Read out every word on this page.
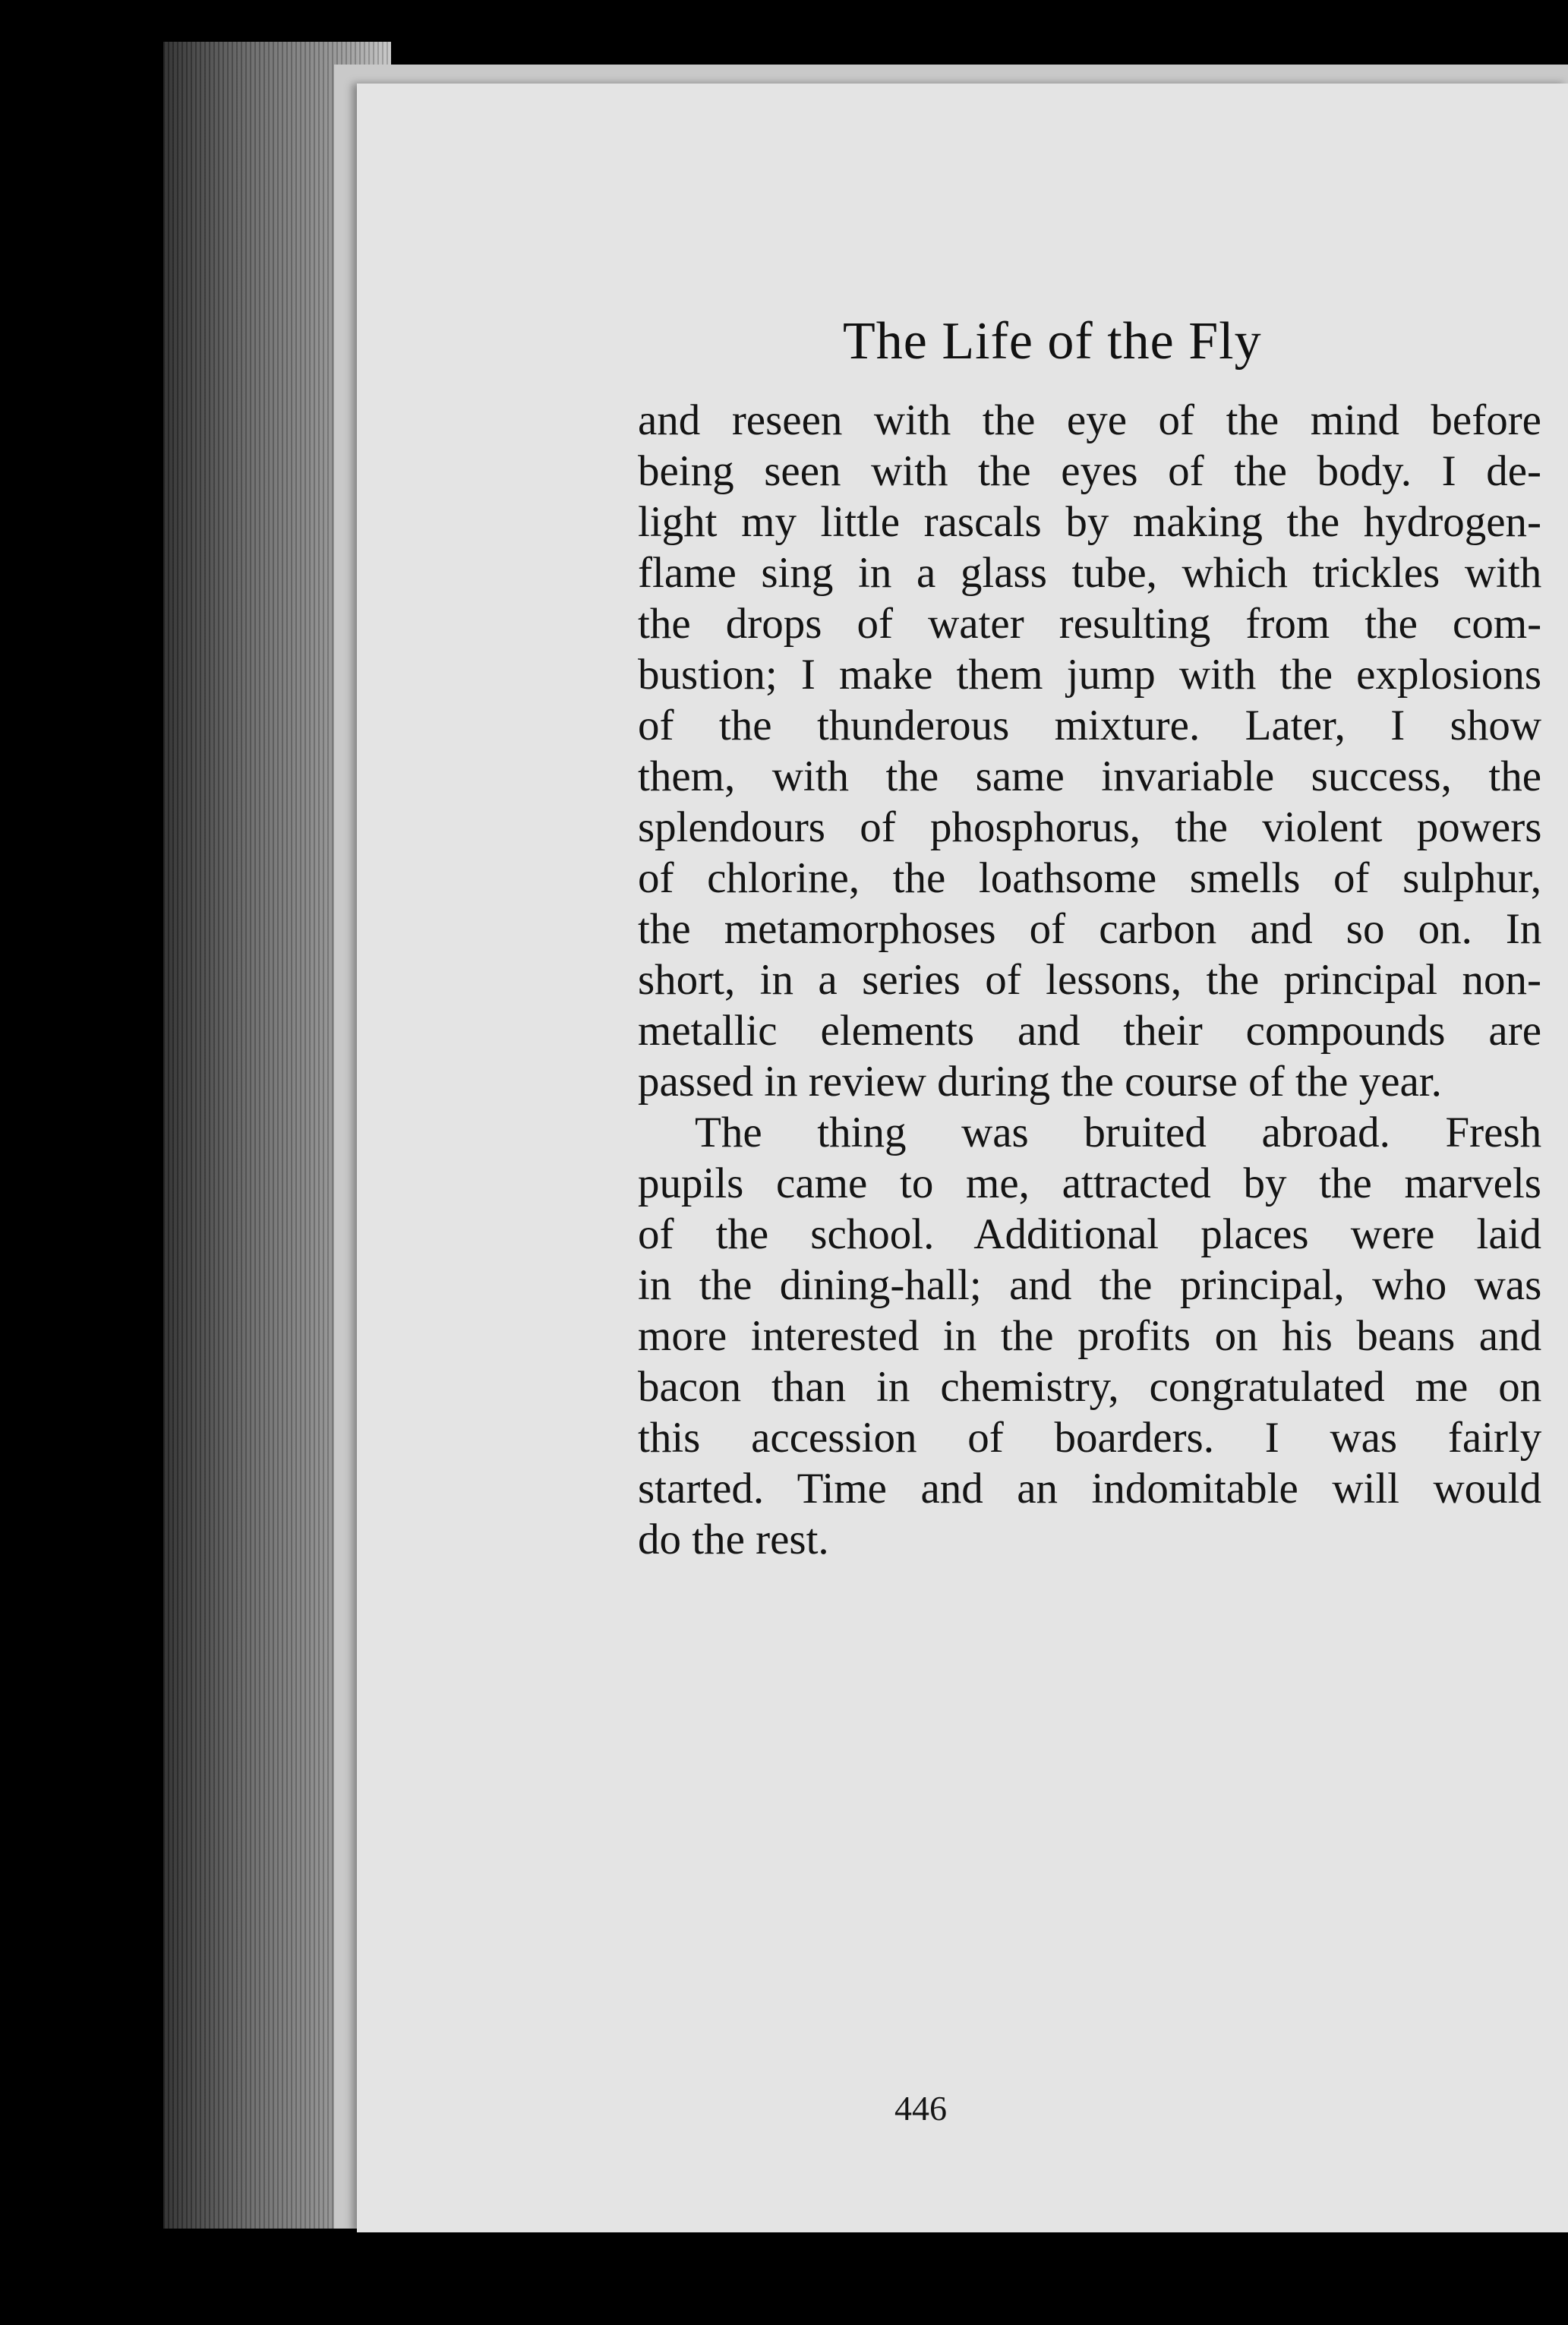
The Life of the Fly
and reseen with the eye of the mind before
being seen with the eyes of the body. I de-
light my little rascals by making the hydrogen-
flame sing in a glass tube, which trickles with
the drops of water resulting from the com-
bustion; I make them jump with the explosions
of the thunderous mixture. Later, I show
them, with the same invariable success, the
splendours of phosphorus, the violent powers
of chlorine, the loathsome smells of sulphur,
the metamorphoses of carbon and so on. In
short, in a series of lessons, the principal non-
metallic elements and their compounds are
passed in review during the course of the year.
The thing was bruited abroad. Fresh
pupils came to me, attracted by the marvels
of the school. Additional places were laid
in the dining-hall; and the principal, who was
more interested in the profits on his beans and
bacon than in chemistry, congratulated me on
this accession of boarders. I was fairly
started. Time and an indomitable will would
do the rest.
446
